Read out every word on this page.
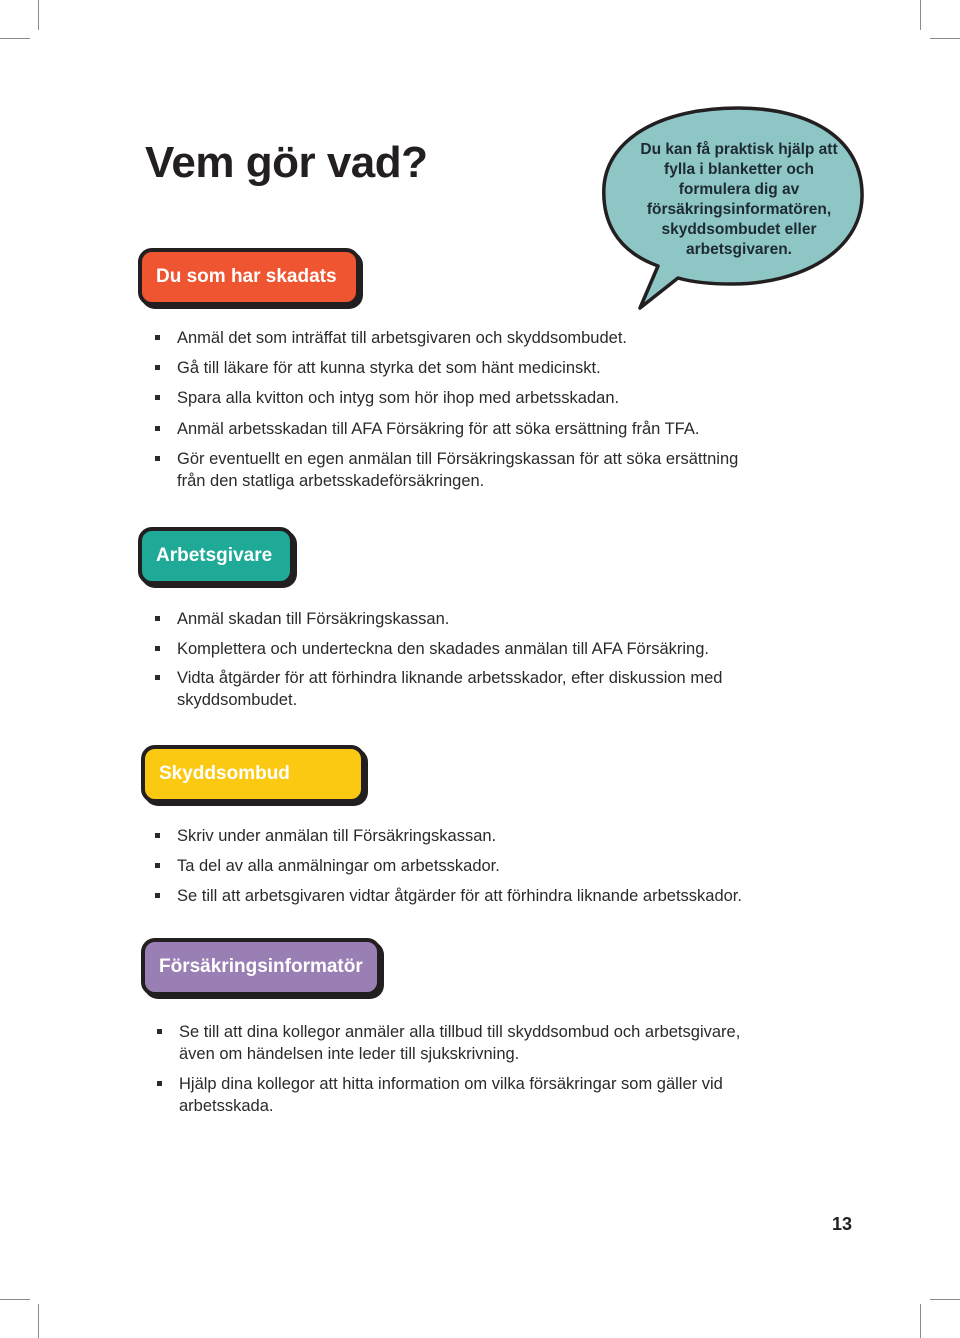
Vem gör vad?	Du kan få praktisk hjälp att fylla i blanketter och formulera dig av försäkringsinformatören, skyddsombudet eller arbetsgivaren.
Du som har skadats
Anmäl det som inträffat till arbetsgivaren och skyddsombudet.
Gå till läkare för att kunna styrka det som hänt medicinskt.
Spara alla kvitton och intyg som hör ihop med arbetsskadan.
Anmäl arbetsskadan till AFA Försäkring för att söka ersättning från TFA.
Gör eventuellt en egen anmälan till Försäkringskassan för att söka ersättning
från den statliga arbetsskadeförsäkringen.
Arbetsgivare
Anmäl skadan till Försäkringskassan.
Komplettera och underteckna den skadades anmälan till AFA Försäkring.
Vidta åtgärder för att förhindra liknande arbetsskador, efter diskussion med
skyddsombudet.
Skyddsombud
Skriv under anmälan till Försäkringskassan.
Ta del av alla anmälningar om arbetsskador.
Se till att arbetsgivaren vidtar åtgärder för att förhindra liknande arbetsskador.
Försäkringsinformatör
Se till att dina kollegor anmäler alla tillbud till skyddsombud och arbetsgivare,
även om händelsen inte leder till sjukskrivning.
Hjälp dina kollegor att hitta information om vilka försäkringar som gäller vid
arbetsskada.
13
